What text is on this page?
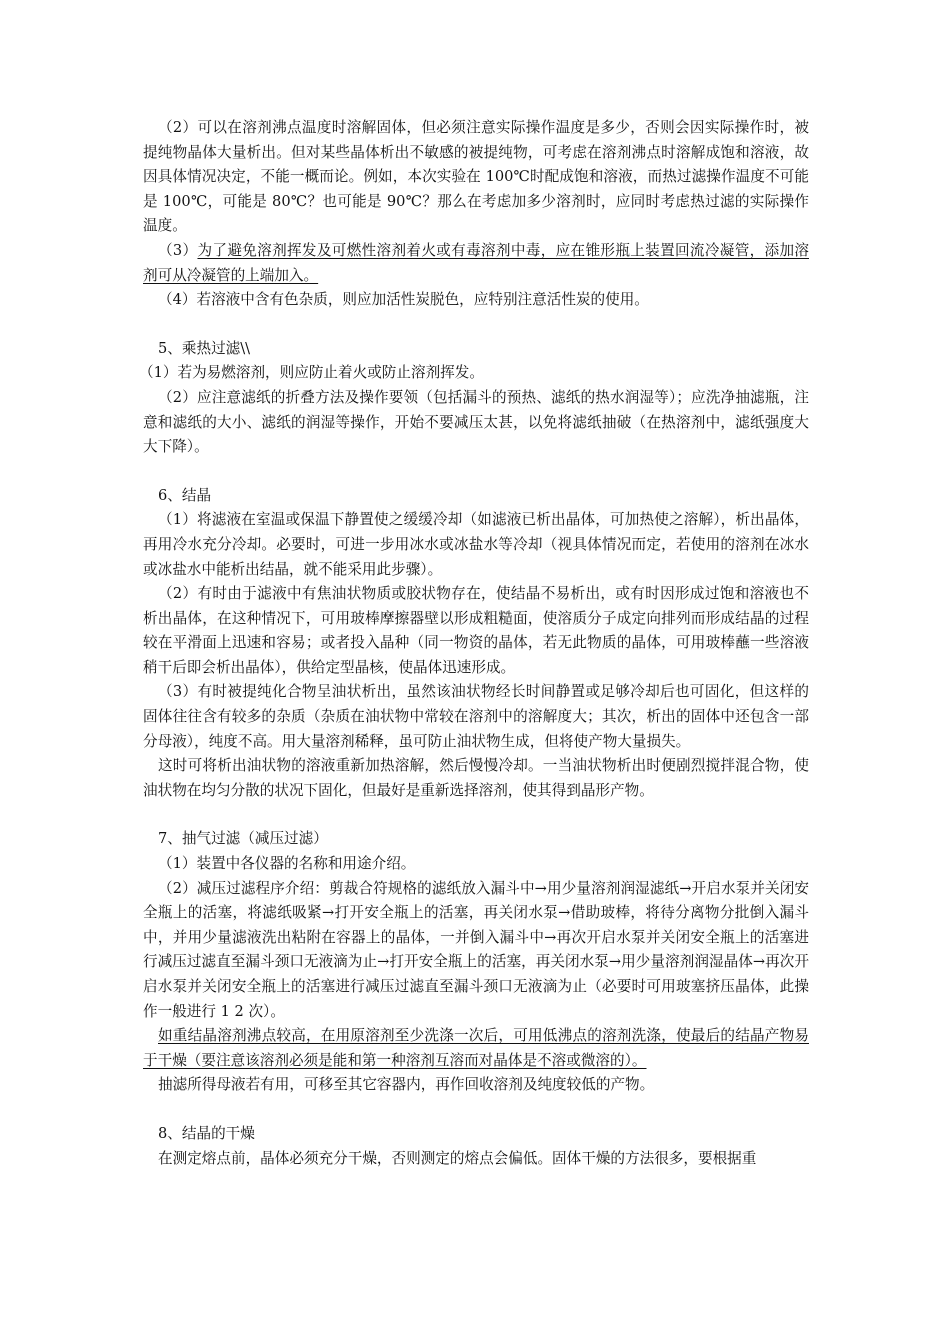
（2）可以在溶剂沸点温度时溶解固体，但必须注意实际操作温度是多少，否则会因实际操作时，被提纯物晶体大量析出。但对某些晶体析出不敏感的被提纯物，可考虑在溶剂沸点时溶解成饱和溶液，故因具体情况决定，不能一概而论。例如，本次实验在 100℃时配成饱和溶液，而热过滤操作温度不可能是 100℃，可能是 80℃？也可能是 90℃？那么在考虑加多少溶剂时，应同时考虑热过滤的实际操作温度。

（3）为了避免溶剂挥发及可燃性溶剂着火或有毒溶剂中毒，应在锥形瓶上装置回流冷凝管，添加溶剂可从冷凝管的上端加入。

（4）若溶液中含有色杂质，则应加活性炭脱色，应特别注意活性炭的使用。

5、乘热过滤\\

（1）若为易燃溶剂，则应防止着火或防止溶剂挥发。

（2）应注意滤纸的折叠方法及操作要领（包括漏斗的预热、滤纸的热水润湿等）；应洗净抽滤瓶，注意和滤纸的大小、滤纸的润湿等操作，开始不要减压太甚，以免将滤纸抽破（在热溶剂中，滤纸强度大大下降）。

6、结晶

（1）将滤液在室温或保温下静置使之缓缓冷却（如滤液已析出晶体，可加热使之溶解），析出晶体，再用冷水充分冷却。必要时，可进一步用冰水或冰盐水等冷却（视具体情况而定，若使用的溶剂在冰水或冰盐水中能析出结晶，就不能采用此步骤）。

（2）有时由于滤液中有焦油状物质或胶状物存在，使结晶不易析出，或有时因形成过饱和溶液也不析出晶体，在这种情况下，可用玻棒摩擦器壁以形成粗糙面，使溶质分子成定向排列而形成结晶的过程较在平滑面上迅速和容易；或者投入晶种（同一物资的晶体，若无此物质的晶体，可用玻棒蘸一些溶液稍干后即会析出晶体），供给定型晶核，使晶体迅速形成。

（3）有时被提纯化合物呈油状析出，虽然该油状物经长时间静置或足够冷却后也可固化，但这样的固体往往含有较多的杂质（杂质在油状物中常较在溶剂中的溶解度大；其次，析出的固体中还包含一部分母液），纯度不高。用大量溶剂稀释，虽可防止油状物生成，但将使产物大量损失。

这时可将析出油状物的溶液重新加热溶解，然后慢慢冷却。一当油状物析出时便剧烈搅拌混合物，使油状物在均匀分散的状况下固化，但最好是重新选择溶剂，使其得到晶形产物。

7、抽气过滤（减压过滤）

（1）装置中各仪器的名称和用途介绍。

（2）减压过滤程序介绍：剪裁合符规格的滤纸放入漏斗中→用少量溶剂润湿滤纸→开启水泵并关闭安全瓶上的活塞，将滤纸吸紧→打开安全瓶上的活塞，再关闭水泵→借助玻棒，将待分离物分批倒入漏斗中，并用少量滤液洗出粘附在容器上的晶体，一并倒入漏斗中→再次开启水泵并关闭安全瓶上的活塞进行减压过滤直至漏斗颈口无液滴为止→打开安全瓶上的活塞，再关闭水泵→用少量溶剂润湿晶体→再次开启水泵并关闭安全瓶上的活塞进行减压过滤直至漏斗颈口无液滴为止（必要时可用玻塞挤压晶体，此操作一般进行 1 2 次）。

如重结晶溶剂沸点较高，在用原溶剂至少洗涤一次后，可用低沸点的溶剂洗涤，使最后的结晶产物易于干燥（要注意该溶剂必须是能和第一种溶剂互溶而对晶体是不溶或微溶的）。

抽滤所得母液若有用，可移至其它容器内，再作回收溶剂及纯度较低的产物。

8、结晶的干燥

在测定熔点前，晶体必须充分干燥，否则测定的熔点会偏低。固体干燥的方法很多，要根据重
